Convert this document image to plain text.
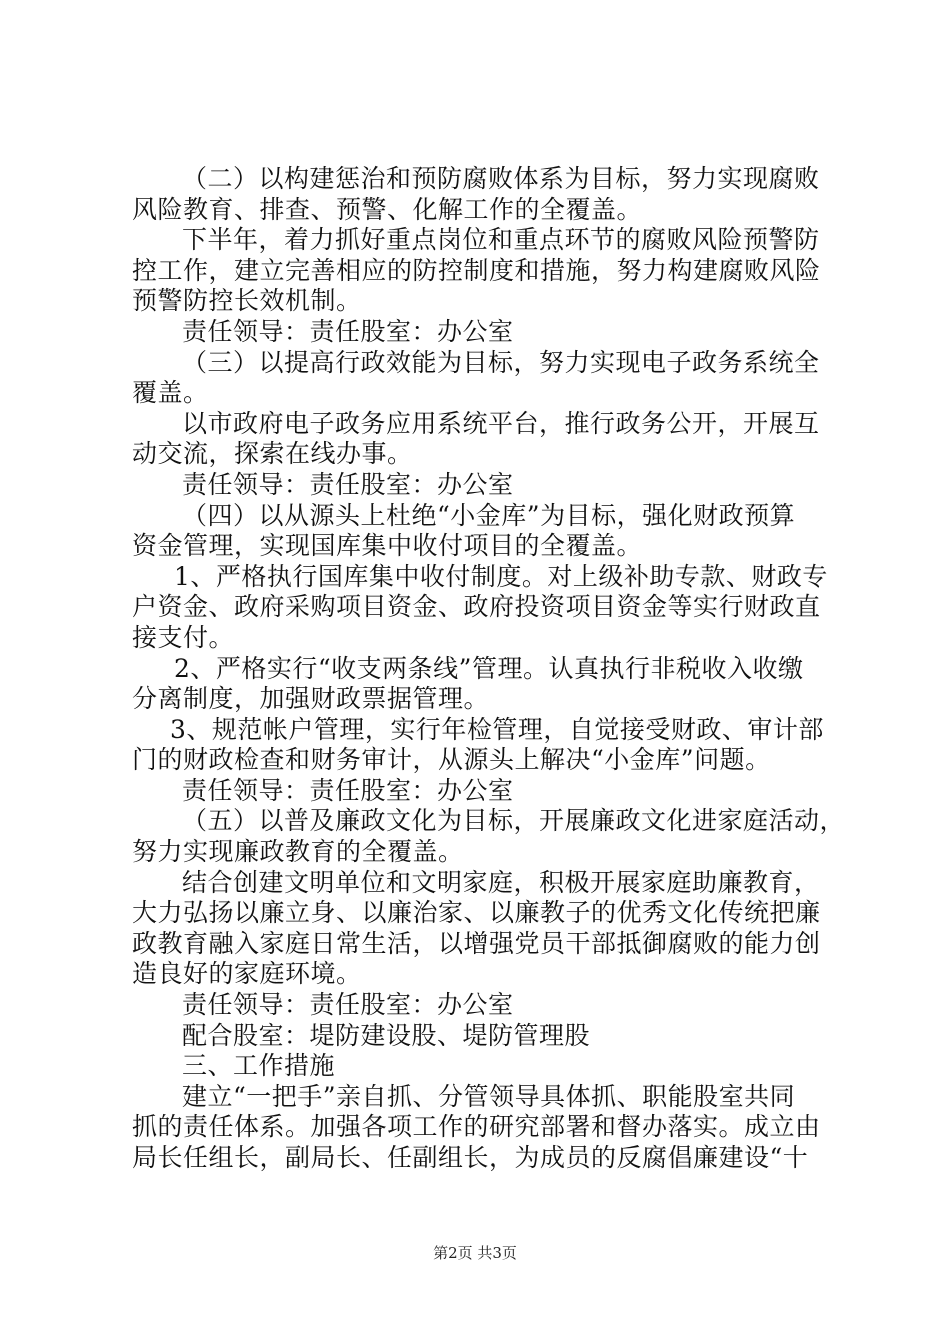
（二）以构建惩治和预防腐败体系为目标，努力实现腐败
风险教育、排查、预警、化解工作的全覆盖。
下半年，着力抓好重点岗位和重点环节的腐败风险预警防
控工作，建立完善相应的防控制度和措施，努力构建腐败风险
预警防控长效机制。
责任领导：责任股室：办公室
（三）以提高行政效能为目标，努力实现电子政务系统全
覆盖。
以市政府电子政务应用系统平台，推行政务公开，开展互
动交流，探索在线办事。
责任领导：责任股室：办公室
（四）以从源头上杜绝“小金库”为目标，强化财政预算
资金管理，实现国库集中收付项目的全覆盖。
1、严格执行国库集中收付制度。对上级补助专款、财政专
户资金、政府采购项目资金、政府投资项目资金等实行财政直
接支付。
2、严格实行“收支两条线”管理。认真执行非税收入收缴
分离制度，加强财政票据管理。
3、规范帐户管理，实行年检管理，自觉接受财政、审计部
门的财政检查和财务审计，从源头上解决“小金库”问题。
责任领导：责任股室：办公室
（五）以普及廉政文化为目标，开展廉政文化进家庭活动，
努力实现廉政教育的全覆盖。
结合创建文明单位和文明家庭，积极开展家庭助廉教育，
大力弘扬以廉立身、以廉治家、以廉教子的优秀文化传统把廉
政教育融入家庭日常生活，以增强党员干部抵御腐败的能力创
造良好的家庭环境。
责任领导：责任股室：办公室
配合股室：堤防建设股、堤防管理股
三、工作措施
建立“一把手”亲自抓、分管领导具体抓、职能股室共同
抓的责任体系。加强各项工作的研究部署和督办落实。成立由
局长任组长，副局长、任副组长，为成员的反腐倡廉建设“十
第2页 共3页
